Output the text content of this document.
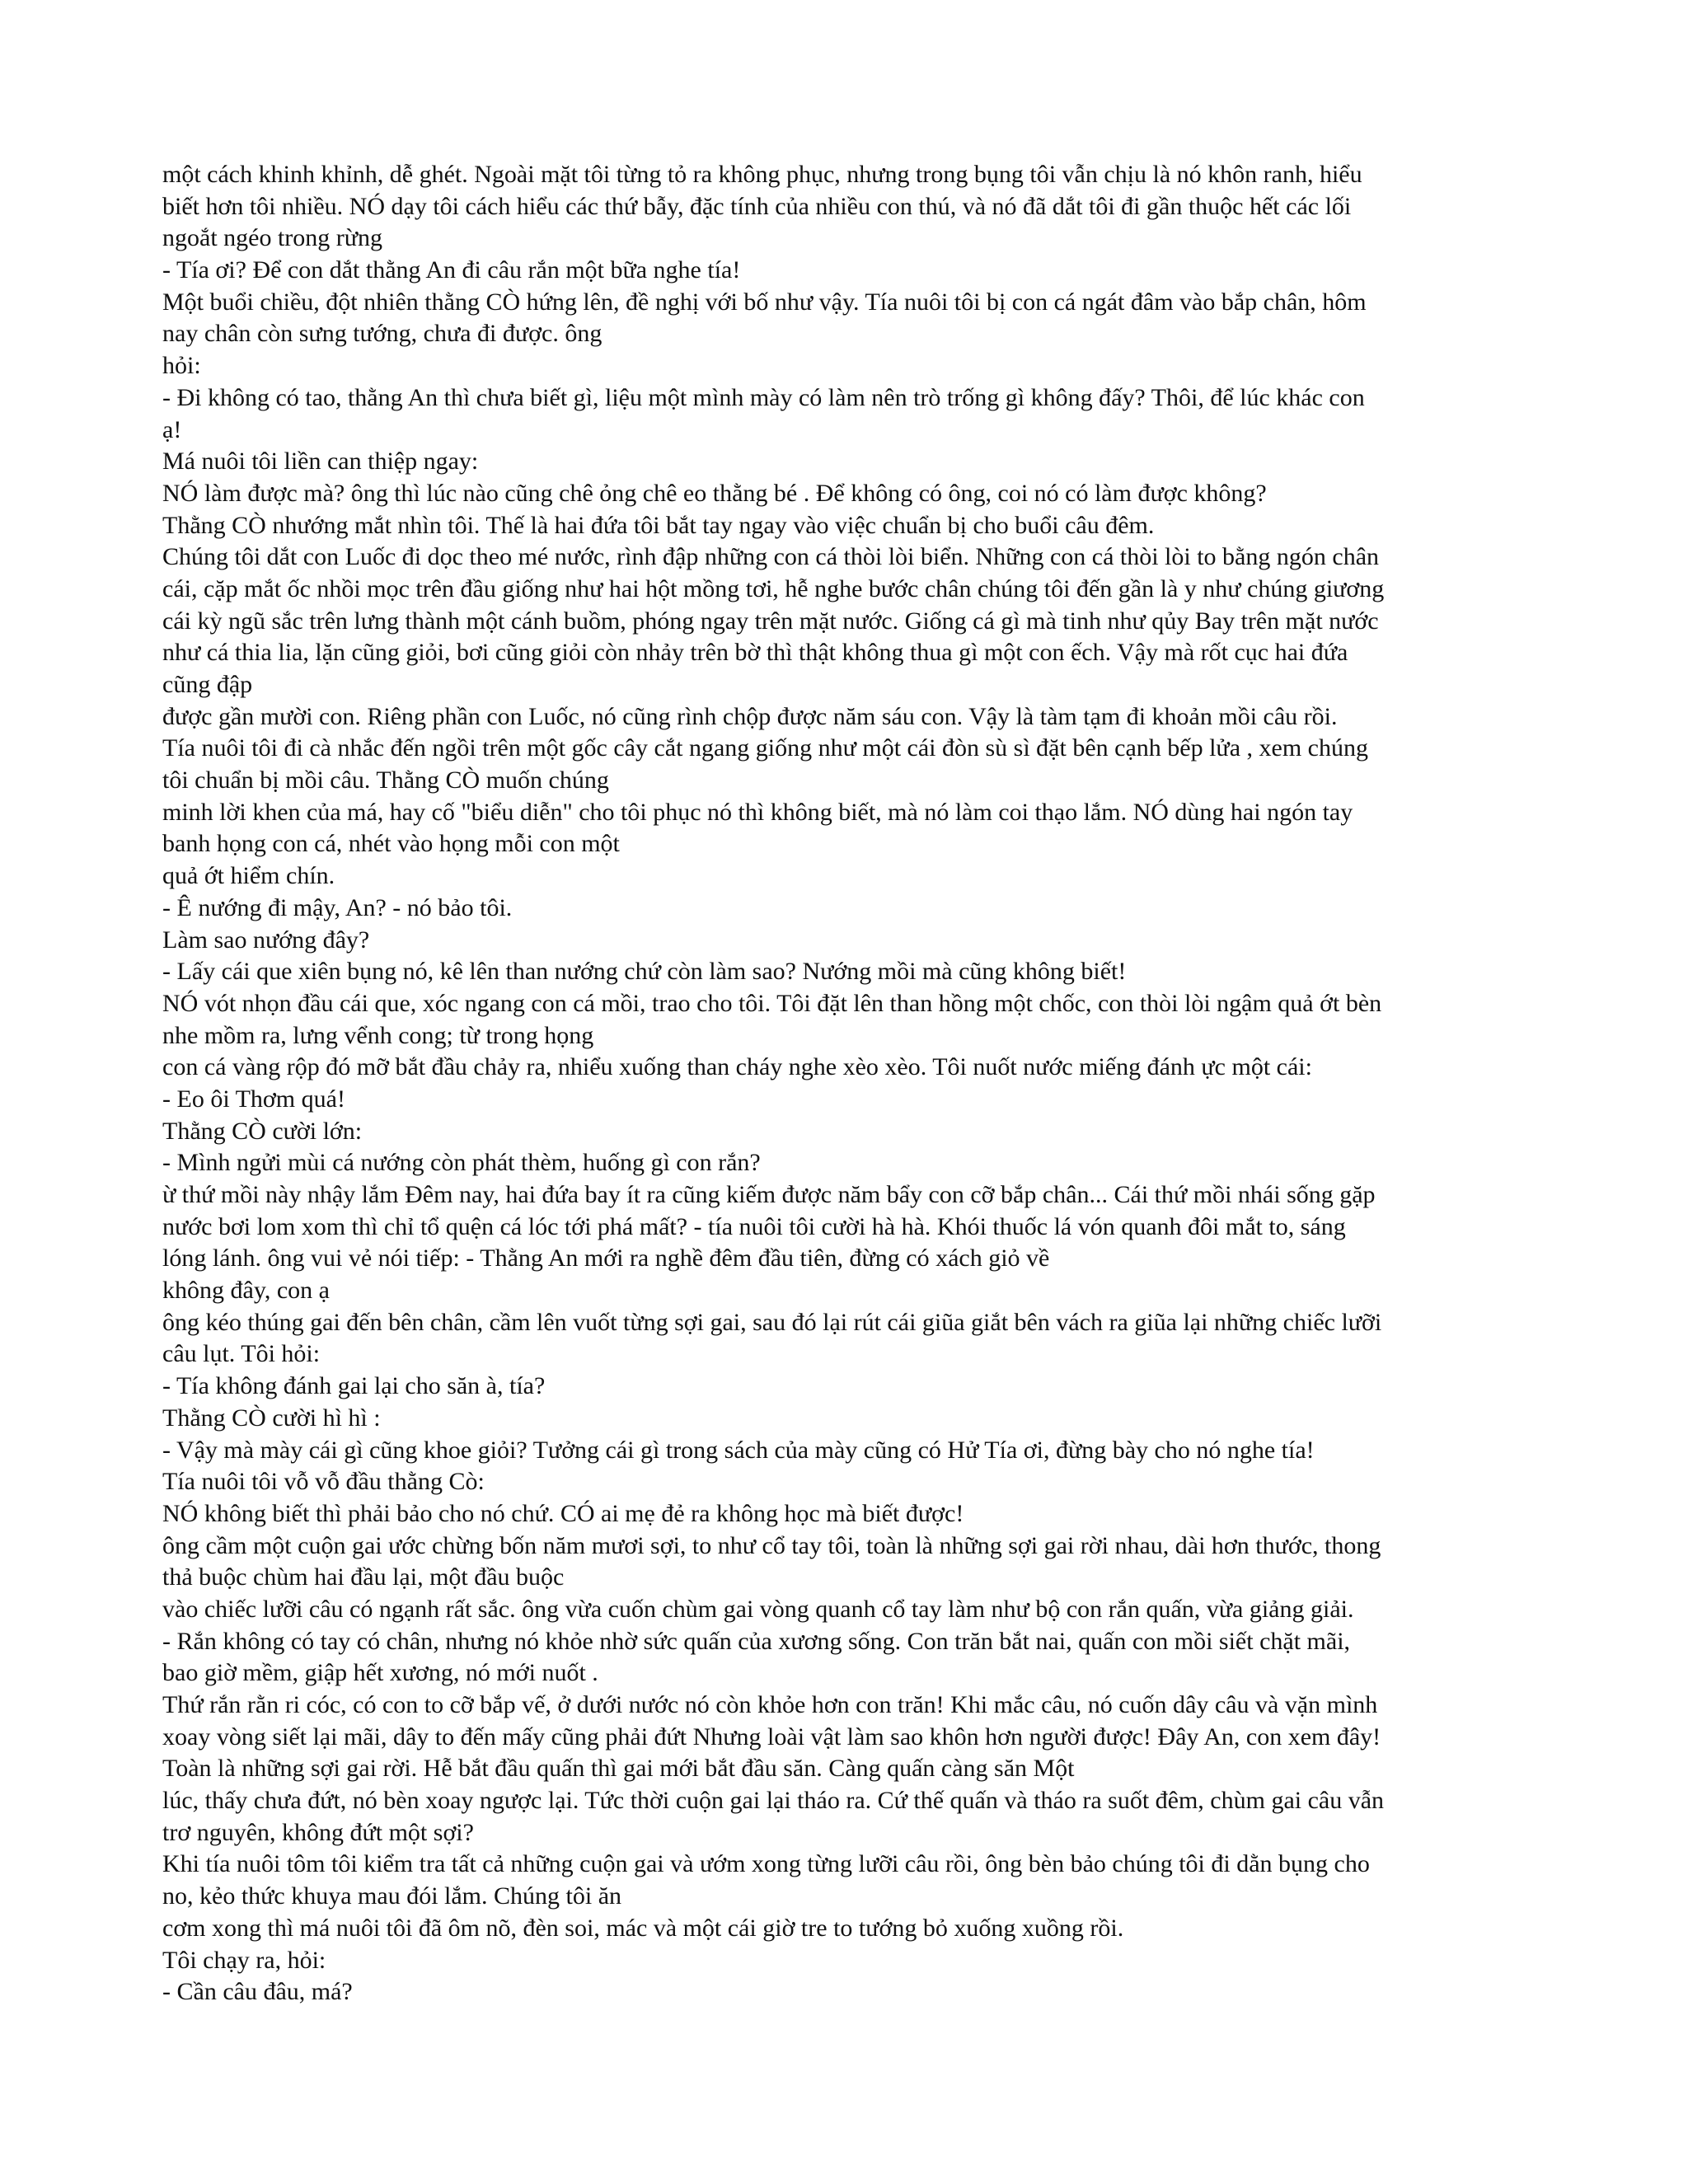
một cách khinh khỉnh, dễ ghét. Ngoài mặt tôi từng tỏ ra không phục, nhưng trong bụng tôi vẫn chịu là nó khôn ranh, hiểu
biết hơn tôi nhiều. NÓ dạy tôi cách hiểu các thứ bẫy, đặc tính của nhiều con thú, và nó đã dắt tôi đi gần thuộc hết các lối
ngoắt ngéo trong rừng
- Tía ơi? Để con dắt thằng An đi câu rắn một bữa nghe tía!
Một buổi chiều, đột nhiên thằng CÒ hứng lên, đề nghị với bố như vậy. Tía nuôi tôi bị con cá ngát đâm vào bắp chân, hôm
nay chân còn sưng tướng, chưa đi được. ông
hỏi:
- Đi không có tao, thằng An thì chưa biết gì, liệu một mình mày có làm nên trò trống gì không đấy? Thôi, để lúc khác con
ạ!
Má nuôi tôi liền can thiệp ngay:
NÓ làm được mà? ông thì lúc nào cũng chê ỏng chê eo thằng bé . Để không có ông, coi nó có làm được không?
Thằng CÒ nhướng mắt nhìn tôi. Thế là hai đứa tôi bắt tay ngay vào việc chuẩn bị cho buổi câu đêm.
Chúng tôi dắt con Luốc đi dọc theo mé nước, rình đập những con cá thòi lòi biển. Những con cá thòi lòi to bằng ngón chân
cái, cặp mắt ốc nhồi mọc trên đầu giống như hai hột mồng tơi, hễ nghe bước chân chúng tôi đến gần là y như chúng giương
cái kỳ ngũ sắc trên lưng thành một cánh buồm, phóng ngay trên mặt nước. Giống cá gì mà tinh như qủy Bay trên mặt nước
như cá thia lia, lặn cũng giỏi, bơi cũng giỏi còn nhảy trên bờ thì thật không thua gì một con ếch. Vậy mà rốt cục hai đứa
cũng đập
được gần mười con. Riêng phần con Luốc, nó cũng rình chộp được năm sáu con. Vậy là tàm tạm đi khoản mồi câu rồi.
Tía nuôi tôi đi cà nhắc đến ngồi trên một gốc cây cắt ngang giống như một cái đòn sù sì đặt bên cạnh bếp lửa , xem chúng
tôi chuẩn bị mồi câu. Thằng CÒ muốn chúng
minh lời khen của má, hay cố "biểu diễn" cho tôi phục nó thì không biết, mà nó làm coi thạo lắm. NÓ dùng hai ngón tay
banh họng con cá, nhét vào họng mỗi con một
quả ớt hiểm chín.
- Ê nướng đi mậy, An? - nó bảo tôi.
Làm sao nướng đây?
- Lấy cái que xiên bụng nó, kê lên than nướng chứ còn làm sao? Nướng mồi mà cũng không biết!
NÓ vót nhọn đầu cái que, xóc ngang con cá mồi, trao cho tôi. Tôi đặt lên than hồng một chốc, con thòi lòi ngậm quả ớt bèn
nhe mồm ra, lưng vểnh cong; từ trong họng
con cá vàng rộp đó mỡ bắt đầu chảy ra, nhiểu xuống than cháy nghe xèo xèo. Tôi nuốt nước miếng đánh ực một cái:
- Eo ôi Thơm quá!
Thằng CÒ cười lớn:
- Mình ngửi mùi cá nướng còn phát thèm, huống gì con rắn?
ừ thứ mồi này nhậy lắm Đêm nay, hai đứa bay ít ra cũng kiếm được năm bẩy con cỡ bắp chân... Cái thứ mồi nhái sống gặp
nước bơi lom xom thì chỉ tổ quện cá lóc tới phá mất? - tía nuôi tôi cười hà hà. Khói thuốc lá vón quanh đôi mắt to, sáng
lóng lánh. ông vui vẻ nói tiếp: - Thằng An mới ra nghề đêm đầu tiên, đừng có xách giỏ về
không đây, con ạ
ông kéo thúng gai đến bên chân, cầm lên vuốt từng sợi gai, sau đó lại rút cái giũa giắt bên vách ra giũa lại những chiếc lưỡi
câu lụt. Tôi hỏi:
- Tía không đánh gai lại cho săn à, tía?
Thằng CÒ cười hì hì :
- Vậy mà mày cái gì cũng khoe giỏi? Tưởng cái gì trong sách của mày cũng có Hử Tía ơi, đừng bày cho nó nghe tía!
Tía nuôi tôi vỗ vỗ đầu thằng Cò:
NÓ không biết thì phải bảo cho nó chứ. CÓ ai mẹ đẻ ra không học mà biết được!
ông cầm một cuộn gai ước chừng bốn năm mươi sợi, to như cổ tay tôi, toàn là những sợi gai rời nhau, dài hơn thước, thong
thả buộc chùm hai đầu lại, một đầu buộc
vào chiếc lưỡi câu có ngạnh rất sắc. ông vừa cuốn chùm gai vòng quanh cổ tay làm như bộ con rắn quấn, vừa giảng giải.
- Rắn không có tay có chân, nhưng nó khỏe nhờ sức quấn của xương sống. Con trăn bắt nai, quấn con mồi siết chặt mãi,
bao giờ mềm, giập hết xương, nó mới nuốt .
Thứ rắn rằn ri cóc, có con to cỡ bắp vế, ở dưới nước nó còn khỏe hơn con trăn! Khi mắc câu, nó cuốn dây câu và vặn mình
xoay vòng siết lại mãi, dây to đến mấy cũng phải đứt Nhưng loài vật làm sao khôn hơn người được! Đây An, con xem đây!
Toàn là những sợi gai rời. Hễ bắt đầu quấn thì gai mới bắt đầu săn. Càng quấn càng săn Một
lúc, thấy chưa đứt, nó bèn xoay ngược lại. Tức thời cuộn gai lại tháo ra. Cứ thế quấn và tháo ra suốt đêm, chùm gai câu vẫn
trơ nguyên, không đứt một sợi?
Khi tía nuôi tôm tôi kiểm tra tất cả những cuộn gai và ướm xong từng lưỡi câu rồi, ông bèn bảo chúng tôi đi dằn bụng cho
no, kẻo thức khuya mau đói lắm. Chúng tôi ăn
cơm xong thì má nuôi tôi đã ôm nõ, đèn soi, mác và một cái giờ tre to tướng bỏ xuống xuồng rồi.
Tôi chạy ra, hỏi:
- Cần câu đâu, má?
